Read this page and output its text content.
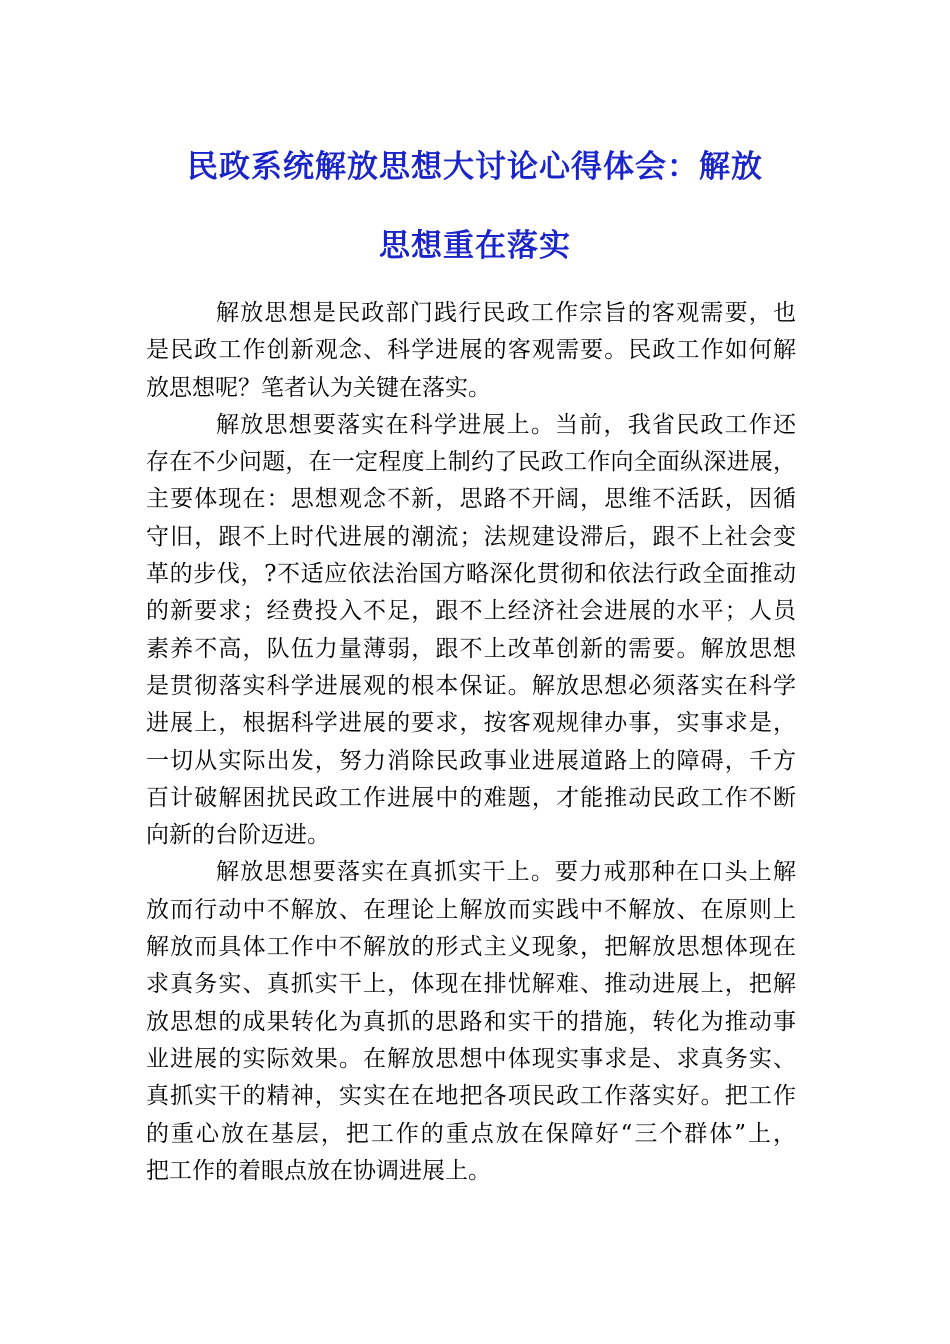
民政系统解放思想大讨论心得体会：解放
思想重在落实
解放思想是民政部门践行民政工作宗旨的客观需要，也
是民政工作创新观念、科学进展的客观需要。民政工作如何解
放思想呢？笔者认为关键在落实。
解放思想要落实在科学进展上。当前，我省民政工作还
存在不少问题，在一定程度上制约了民政工作向全面纵深进展，
主要体现在：思想观念不新，思路不开阔，思维不活跃，因循
守旧，跟不上时代进展的潮流；法规建设滞后，跟不上社会变
革的步伐，?不适应依法治国方略深化贯彻和依法行政全面推动
的新要求；经费投入不足，跟不上经济社会进展的水平；人员
素养不高，队伍力量薄弱，跟不上改革创新的需要。解放思想
是贯彻落实科学进展观的根本保证。解放思想必须落实在科学
进展上，根据科学进展的要求，按客观规律办事，实事求是，
一切从实际出发，努力消除民政事业进展道路上的障碍，千方
百计破解困扰民政工作进展中的难题，才能推动民政工作不断
向新的台阶迈进。
解放思想要落实在真抓实干上。要力戒那种在口头上解
放而行动中不解放、在理论上解放而实践中不解放、在原则上
解放而具体工作中不解放的形式主义现象，把解放思想体现在
求真务实、真抓实干上，体现在排忧解难、推动进展上，把解
放思想的成果转化为真抓的思路和实干的措施，转化为推动事
业进展的实际效果。在解放思想中体现实事求是、求真务实、
真抓实干的精神，实实在在地把各项民政工作落实好。把工作
的重心放在基层，把工作的重点放在保障好“三个群体”上，
把工作的着眼点放在协调进展上。
